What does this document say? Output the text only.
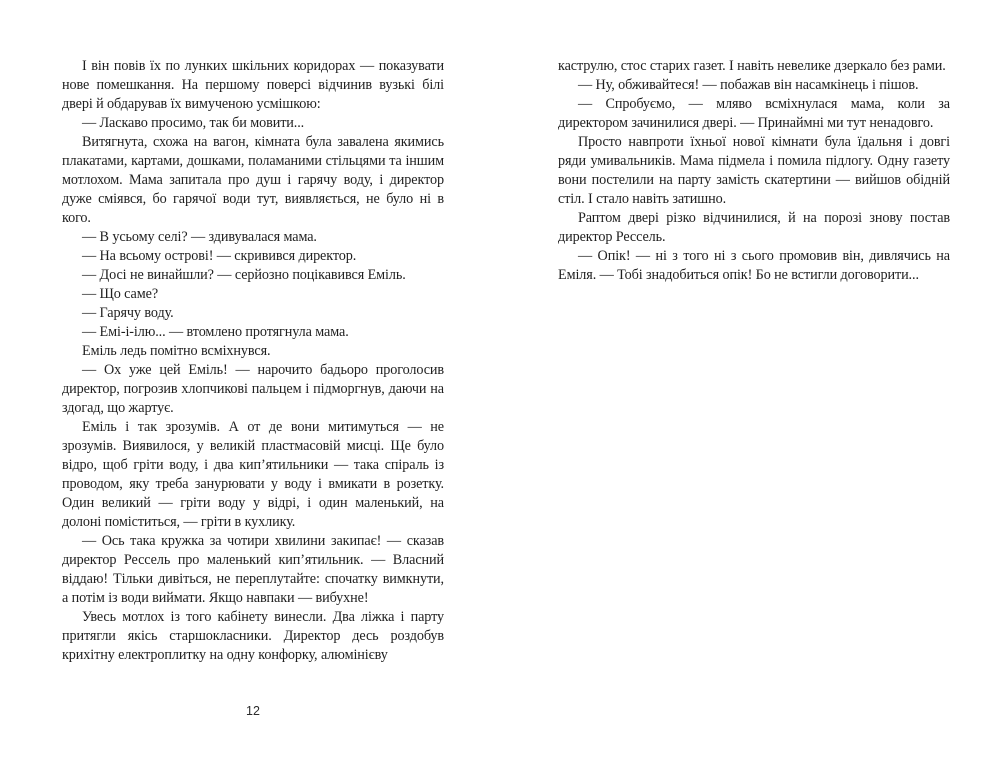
І він повів їх по лунких шкільних коридорах — показувати нове помешкання. На першому поверсі відчинив вузькі білі двері й обдарував їх вимученою усмішкою:

— Ласкаво просимо, так би мовити...

Витягнута, схожа на вагон, кімната була завалена якимись плакатами, картами, дошками, поламаними стільцями та іншим мотлохом. Мама запитала про душ і гарячу воду, і директор дуже сміявся, бо гарячої води тут, виявляється, не було ні в кого.

— В усьому селі? — здивувалася мама.

— На всьому острові! — скривився директор.

— Досі не винайшли? — серйозно поцікавився Еміль.

— Що саме?

— Гарячу воду.

— Емі-і-ілю... — втомлено протягнула мама.

Еміль ледь помітно всміхнувся.

— Ох уже цей Еміль! — нарочито бадьоро проголосив директор, погрозив хлопчикові пальцем і підморгнув, даючи на здогад, що жартує.

Еміль і так зрозумів. А от де вони митимуться — не зрозумів. Виявилося, у великій пластмасовій мисці. Ще було відро, щоб гріти воду, і два кип’ятильники — така спіраль із проводом, яку треба занурювати у воду і вмикати в розетку. Один великий — гріти воду у відрі, і один маленький, на долоні поміститься, — гріти в кухлику.

— Ось така кружка за чотири хвилини закипає! — сказав директор Рессель про маленький кип’ятильник. — Власний віддаю! Тільки дивіться, не переплутайте: спочатку вимкнути, а потім із води виймати. Якщо навпаки — вибухне!

Увесь мотлох із того кабінету винесли. Два ліжка і парту притягли якісь старшокласники. Директор десь роздобув крихітну електроплитку на одну конфорку, алюмінієву

каструлю, стос старих газет. І навіть невелике дзеркало без рами.

— Ну, обживайтеся! — побажав він насамкінець і пішов.

— Спробуємо, — мляво всміхнулася мама, коли за директором зачинилися двері. — Принаймні ми тут ненадовго.

Просто навпроти їхньої нової кімнати була їдальня і довгі ряди умивальників. Мама підмела і помила підлогу. Одну газету вони постелили на парту замість скатертини — вийшов обідній стіл. І стало навіть затишно.

Раптом двері різко відчинилися, й на порозі знову постав директор Рессель.

— Опік! — ні з того ні з сього промовив він, дивлячись на Еміля. — Тобі знадобиться опік! Бо не встигли договорити...

12
